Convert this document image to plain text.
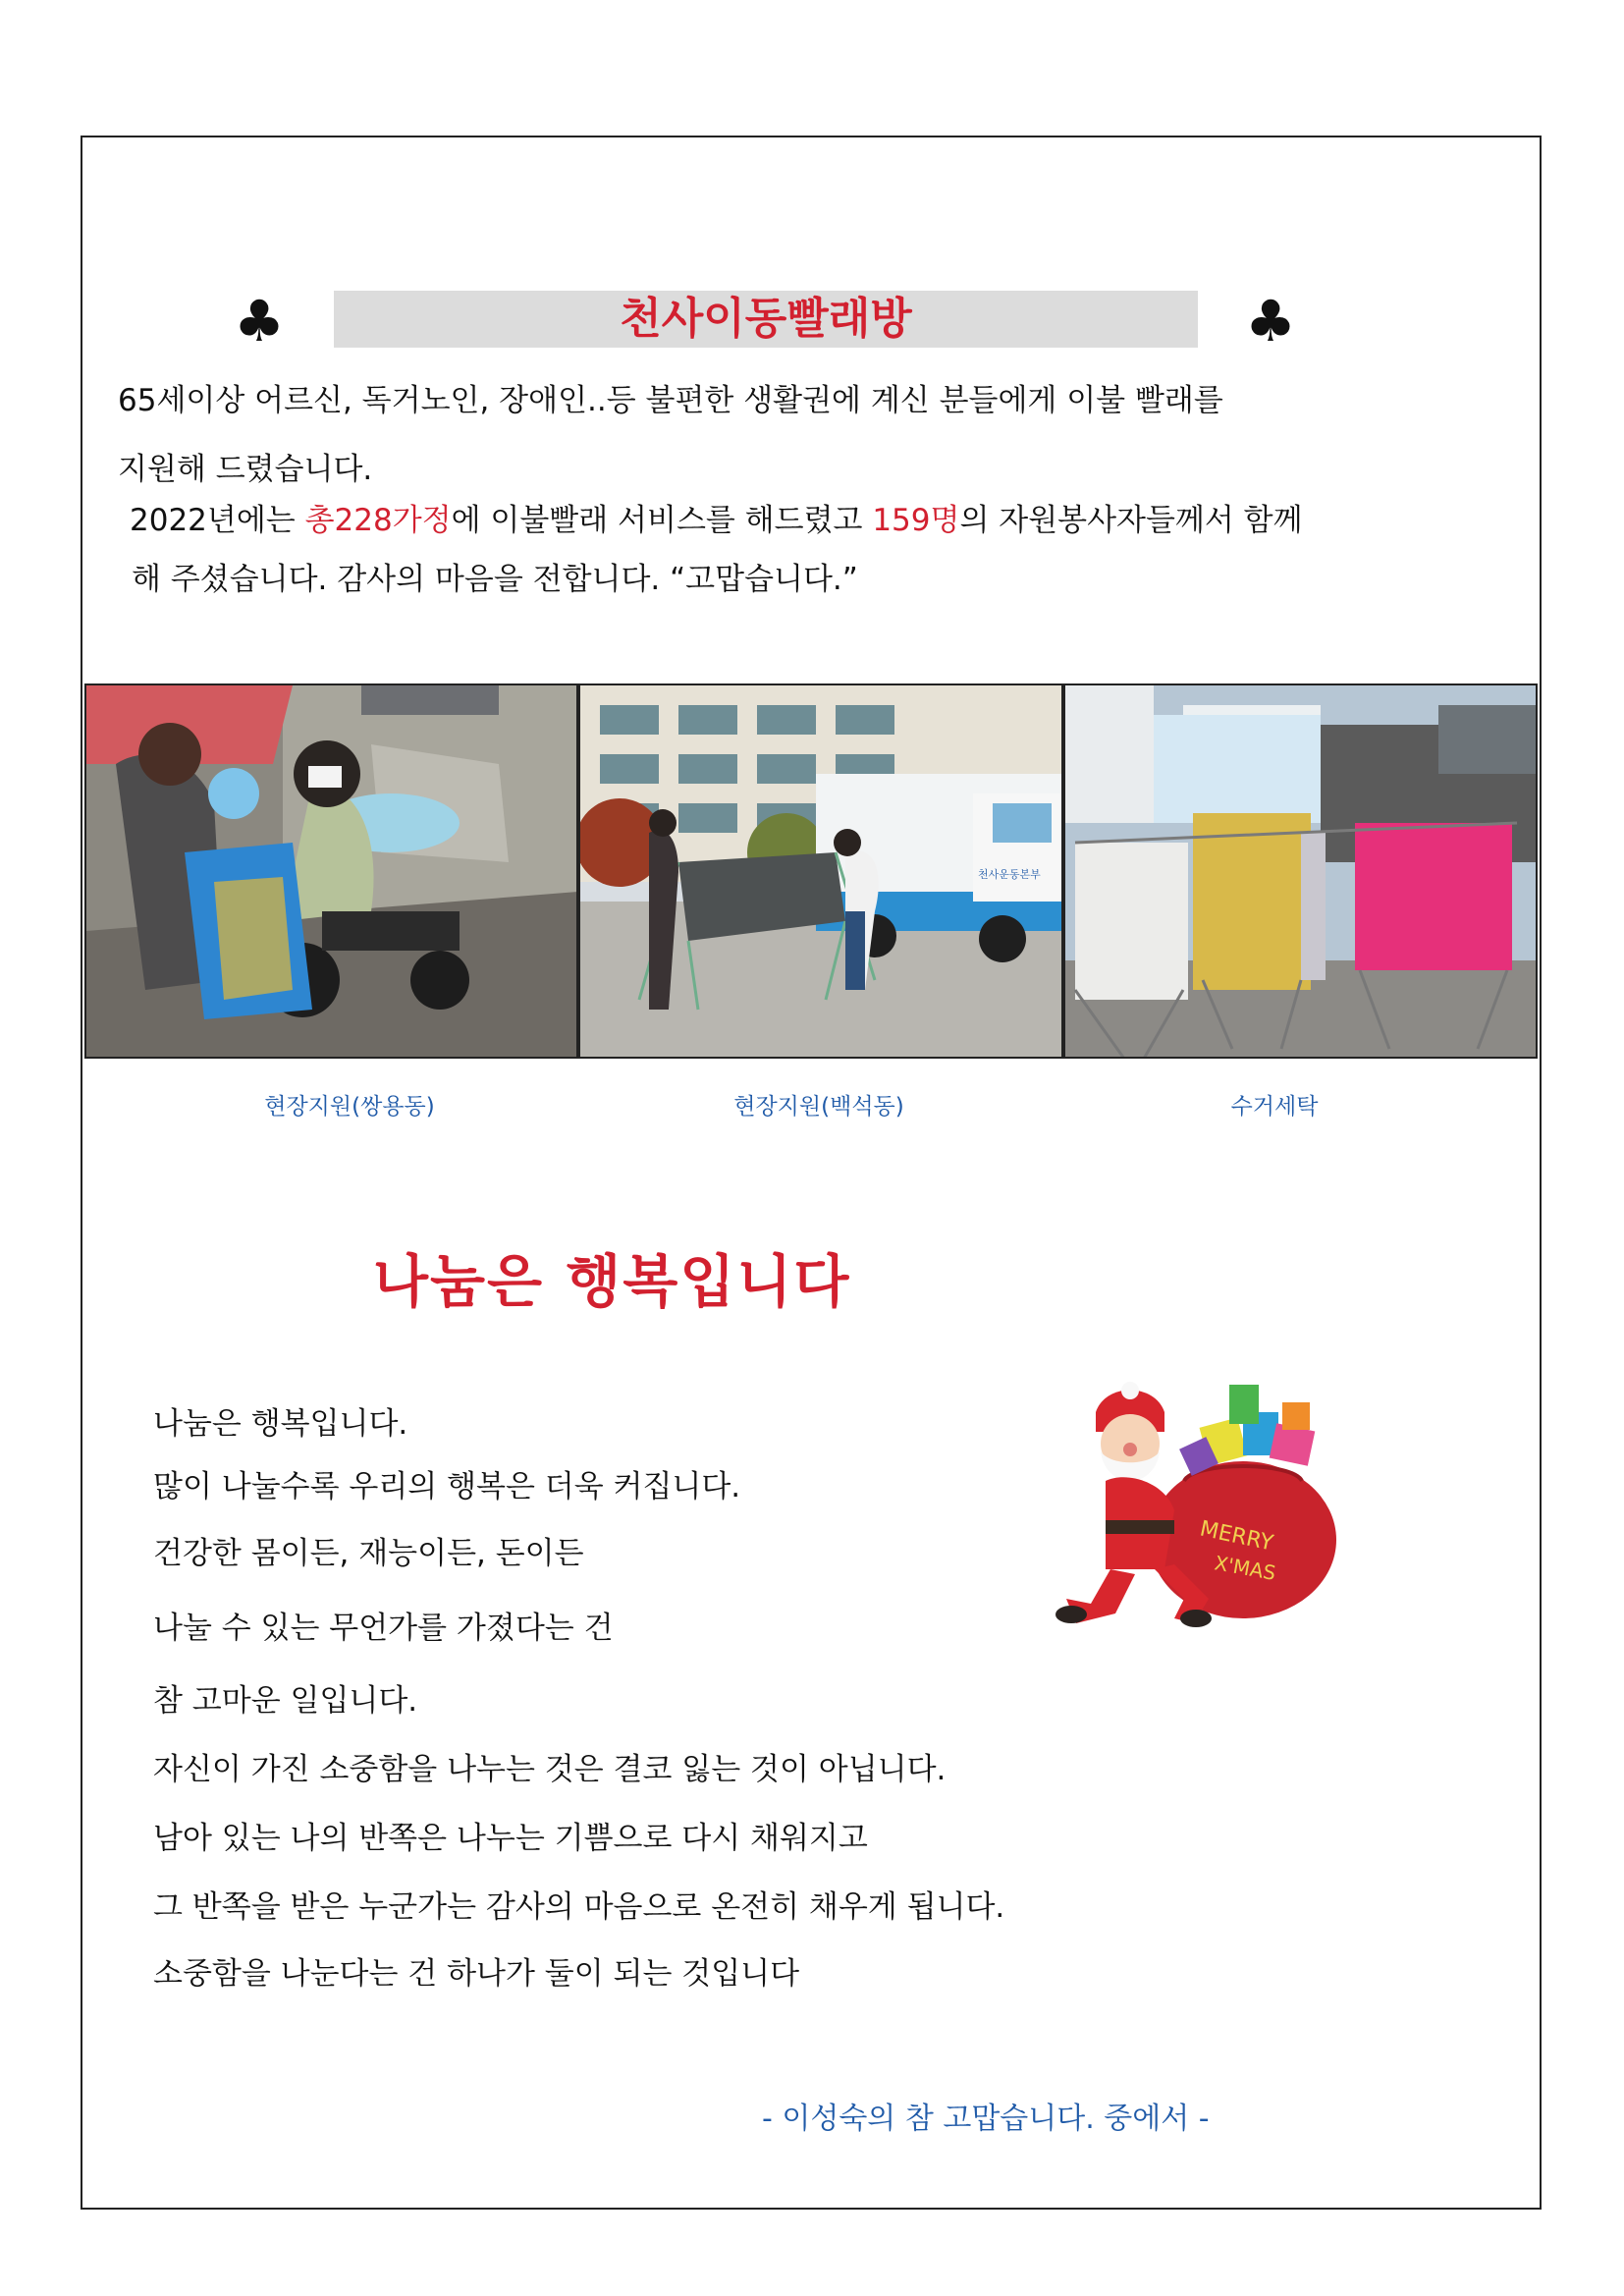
♣	천사이동빨래방	♣
65세이상 어르신, 독거노인, 장애인..등 불편한 생활권에 계신 분들에게 이불 빨래를
지원해 드렸습니다.
2022년에는 총228가정에 이불빨래 서비스를 해드렸고 159명의 자원봉사자들께서 함께
해 주셨습니다. 감사의 마음을 전합니다. “고맙습니다.”
천사운동본부
현장지원(쌍용동)	현장지원(백석동)	수거세탁
나눔은 행복입니다
나눔은 행복입니다.
많이 나눌수록 우리의 행복은 더욱 커집니다.
건강한 몸이든, 재능이든, 돈이든
나눌 수 있는 무언가를 가졌다는 건
참 고마운 일입니다.
자신이 가진 소중함을 나누는 것은 결코 잃는 것이 아닙니다.
남아 있는 나의 반쪽은 나누는 기쁨으로 다시 채워지고
그 반쪽을 받은 누군가는 감사의 마음으로 온전히 채우게 됩니다.
소중함을 나눈다는 건 하나가 둘이 되는 것입니다
MERRY
X'MAS
- 이성숙의 참 고맙습니다. 중에서 -
